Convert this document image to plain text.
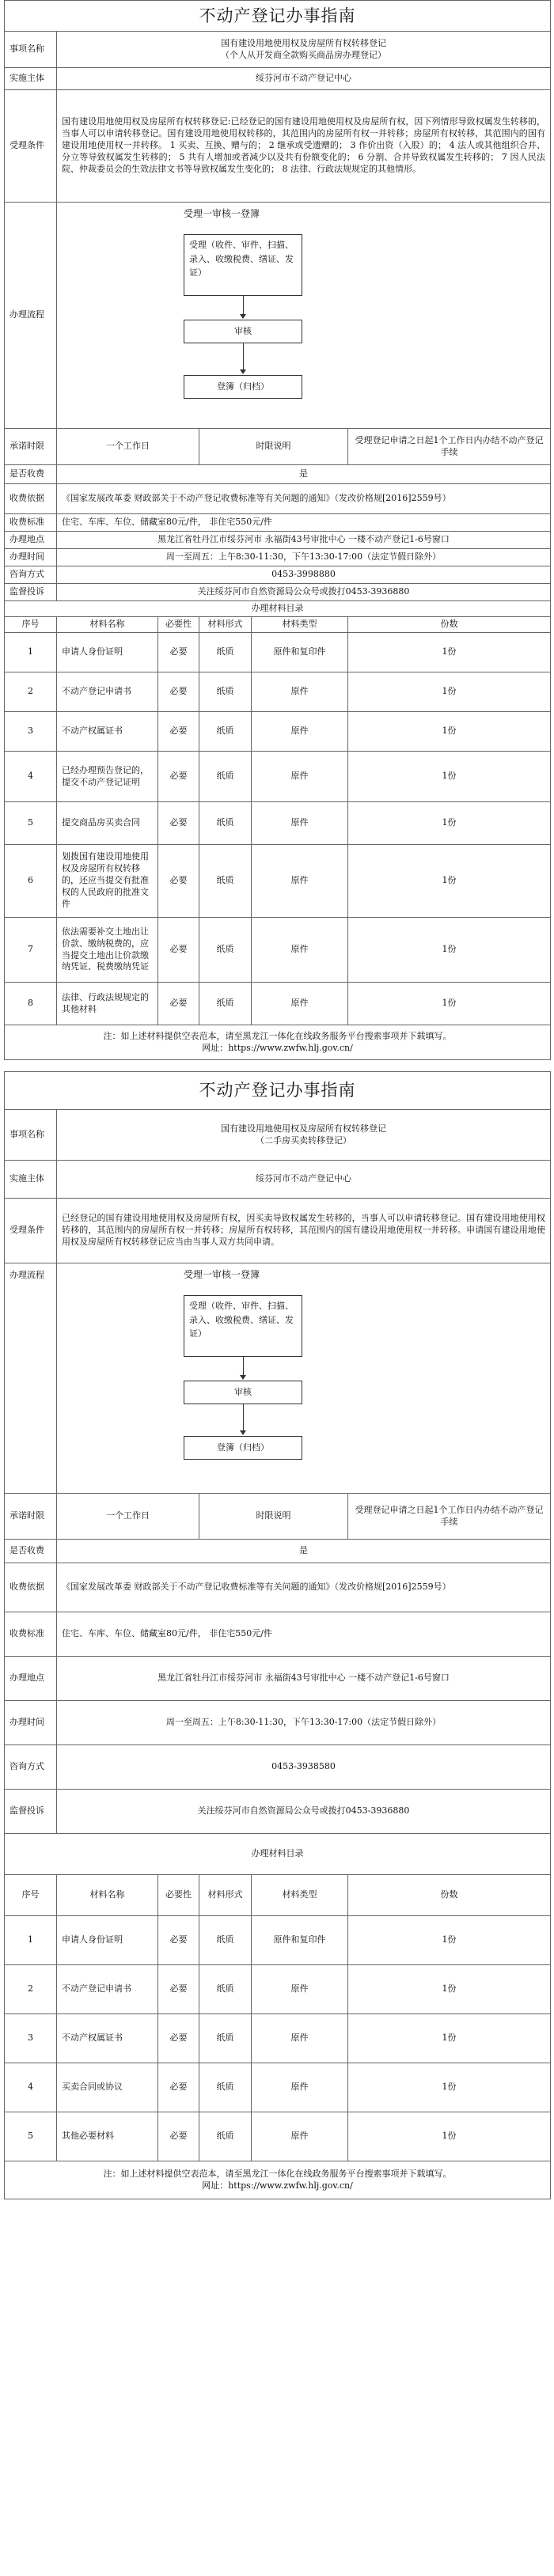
不动产登记办事指南					
事项名称	国有建设用地使用权及房屋所有权转移登记
（个人从开发商全款购买商品房办理登记）				

实施主体	绥芬河市不动产登记中心				
受理条件	国有建设用地使用权及房屋所有权转移登记:已经登记的国有建设用地使用权及房屋所有权，因下列情形导致权属发生转移的，当事人可以申请转移登记。国有建设用地使用权转移的，其范围内的房屋所有权一并转移；房屋所有权转移，其范围内的国有建设用地使用权一并转移。 1 买卖、互换、赠与的； 2 继承或受遗赠的； 3 作价出资（入股）的； 4 法人或其他组织合并、分立等导致权属发生转移的； 5 共有人增加或者减少以及共有份额变化的； 6 分割、合并导致权属发生转移的； 7 因人民法院、仲裁委员会的生效法律文书等导致权属发生变化的； 8 法律、行政法规规定的其他情形。				
办理流程	受理一审核一登簿
受理（收件、审件、扫描、录入、收缴税费、缮证、发证）
审核
登簿（归档）				

承诺时限	一个工作日		时限说明		受理登记申请之日起1个工作日内办结不动产登记手续
是否收费	是				
收费依据	《国家发展改革委 财政部关于不动产登记收费标准等有关问题的通知》（发改价格规[2016]2559号）				
收费标准	住宅、车库、车位、储藏室80元/件， 非住宅550元/件				
办理地点	黑龙江省牡丹江市绥芬河市 永福街43号审批中心 一楼不动产登记1-6号窗口				
办理时间	周一至周五：上午8:30-11:30，下午13:30-17:00（法定节假日除外）				
咨询方式	0453-3998880				
监督投诉	关注绥芬河市自然资源局公众号或拨打0453-3936880				
办理材料目录					
序号	材料名称	必要性	材料形式	材料类型	份数
1	申请人身份证明	必要	纸质	原件和复印件	1份
2	不动产登记申请书	必要	纸质	原件	1份
3	不动产权属证书	必要	纸质	原件	1份
4	已经办理预告登记的，提交不动产登记证明	必要	纸质	原件	1份
5	提交商品房买卖合同	必要	纸质	原件	1份
6	划拨国有建设用地使用权及房屋所有权转移的，还应当提交有批准权的人民政府的批准文件	必要	纸质	原件	1份
7	依法需要补交土地出让价款、缴纳税费的，应当提交土地出让价款缴纳凭证、税费缴纳凭证	必要	纸质	原件	1份
8	法律、行政法规规定的其他材料	必要	纸质	原件	1份

注：如上述材料提供空表范本，请至黑龙江一体化在线政务服务平台搜索事项并下载填写。
网址：https://www.zwfw.hlj.gov.cn/					
不动产登记办事指南					
事项名称	国有建设用地使用权及房屋所有权转移登记
（二手房买卖转移登记）				

实施主体	绥芬河市不动产登记中心				
受理条件	已经登记的国有建设用地使用权及房屋所有权，因买卖导致权属发生转移的，当事人可以申请转移登记。国有建设用地使用权转移的，其范围内的房屋所有权一并转移；房屋所有权转移，其范围内的国有建设用地使用权一并转移。申请国有建设用地使用权及房屋所有权转移登记应当由当事人双方共同申请。				
办理流程	受理一审核一登簿
受理（收件、审件、扫描、录入、收缴税费、缮证、发证）
审核
登簿（归档）				

承诺时限	一个工作日		时限说明		受理登记申请之日起1个工作日内办结不动产登记手续
是否收费	是				
收费依据	《国家发展改革委 财政部关于不动产登记收费标准等有关问题的通知》（发改价格规[2016]2559号）				
收费标准	住宅、车库、车位、储藏室80元/件， 非住宅550元/件				
办理地点	黑龙江省牡丹江市绥芬河市 永福街43号审批中心 一楼不动产登记1-6号窗口				
办理时间	周一至周五：上午8:30-11:30，下午13:30-17:00（法定节假日除外）				
咨询方式	0453-3938580				
监督投诉	关注绥芬河市自然资源局公众号或拨打0453-3936880				
办理材料目录					
序号	材料名称	必要性	材料形式	材料类型	份数
1	申请人身份证明	必要	纸质	原件和复印件	1份
2	不动产登记申请书	必要	纸质	原件	1份
3	不动产权属证书	必要	纸质	原件	1份
4	买卖合同或协议	必要	纸质	原件	1份
5	其他必要材料	必要	纸质	原件	1份

注：如上述材料提供空表范本，请至黑龙江一体化在线政务服务平台搜索事项并下载填写。
网址：https://www.zwfw.hlj.gov.cn/					
